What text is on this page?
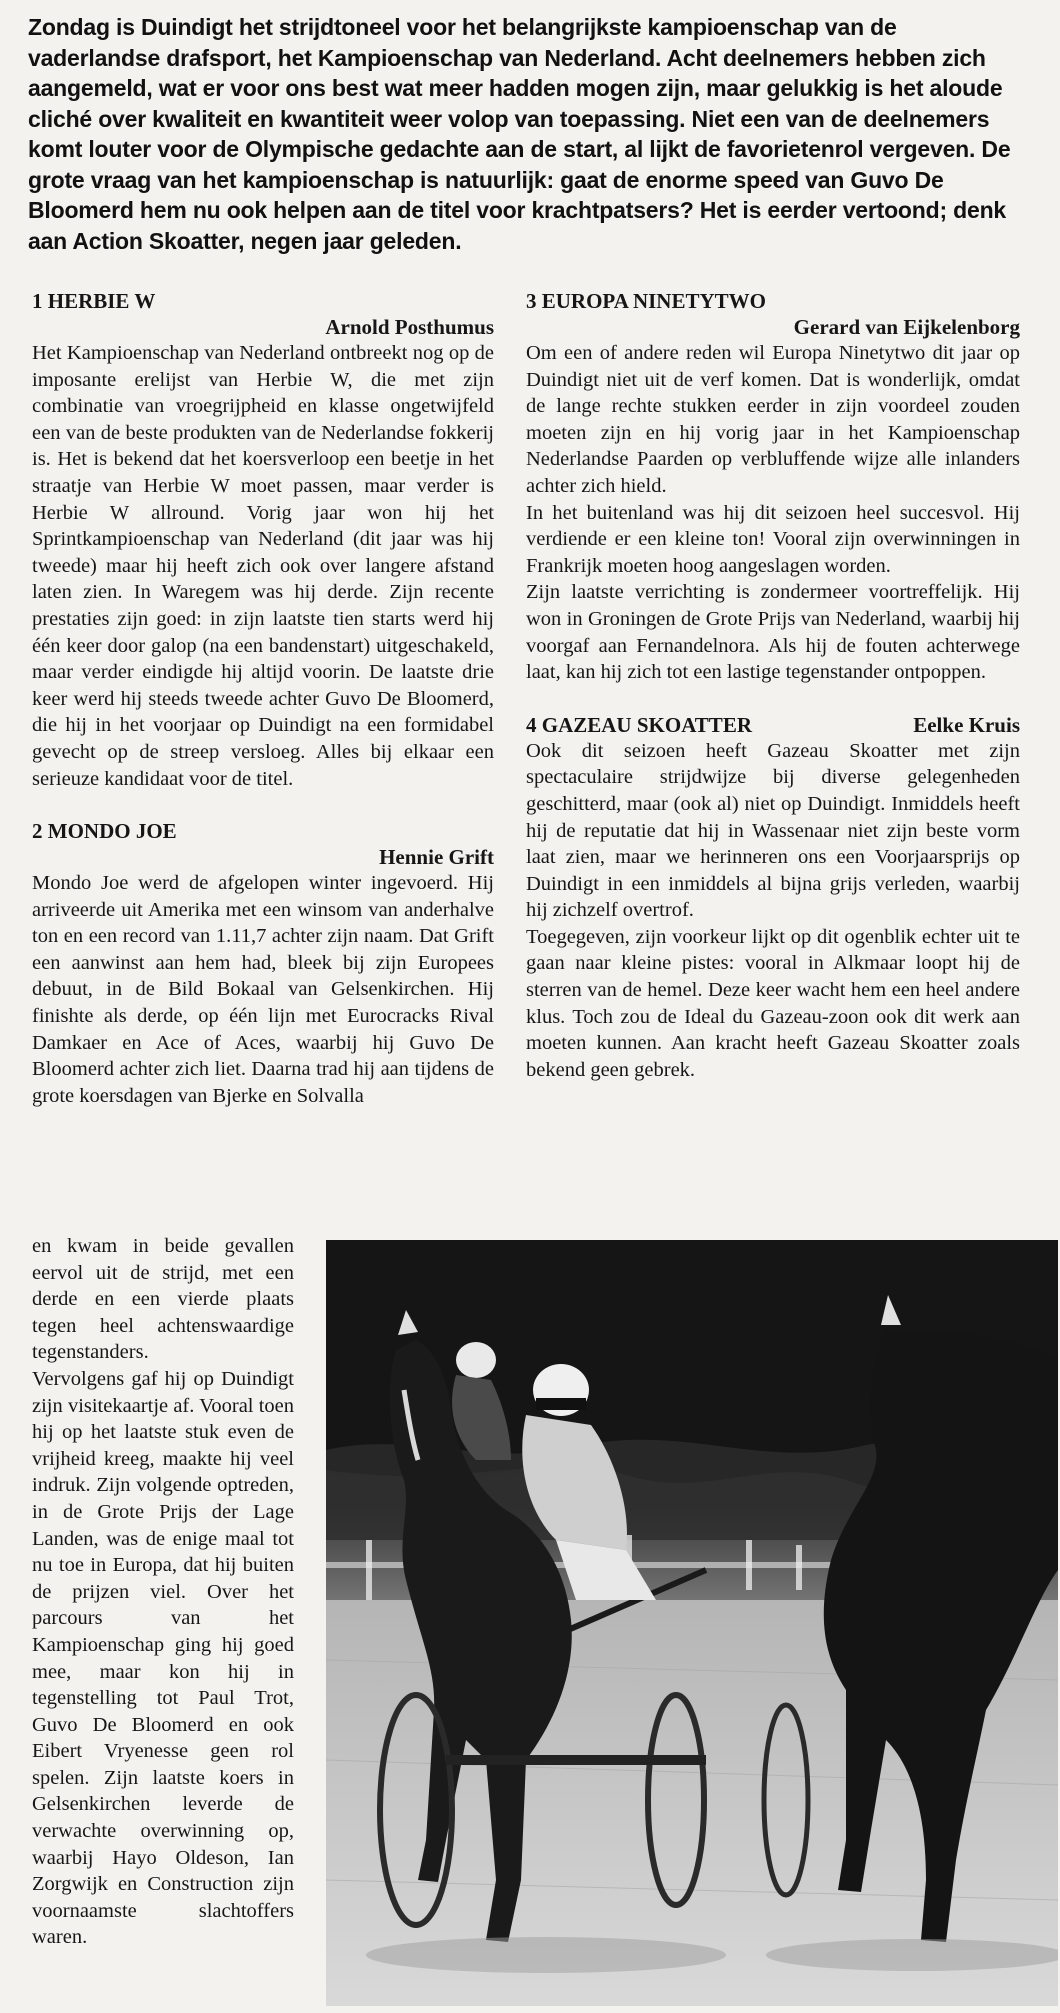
Zondag is Duindigt het strijdtoneel voor het belangrijkste kampioenschap van de vaderlandse drafsport, het Kampioenschap van Nederland. Acht deelnemers hebben zich aangemeld, wat er voor ons best wat meer hadden mogen zijn, maar gelukkig is het aloude cliché over kwaliteit en kwantiteit weer volop van toepassing. Niet een van de deelnemers komt louter voor de Olympische gedachte aan de start, al lijkt de favorietenrol vergeven. De grote vraag van het kampioenschap is natuurlijk: gaat de enorme speed van Guvo De Bloomerd hem nu ook helpen aan de titel voor krachtpatsers? Het is eerder vertoond; denk aan Action Skoatter, negen jaar geleden.

1 HERBIE W

Arnold Posthumus

Het Kampioenschap van Nederland ontbreekt nog op de imposante erelijst van Herbie W, die met zijn combinatie van vroegrijpheid en klasse ongetwijfeld een van de beste produkten van de Nederlandse fokkerij is. Het is bekend dat het koersverloop een beetje in het straatje van Herbie W moet passen, maar verder is Herbie W allround. Vorig jaar won hij het Sprintkampioenschap van Nederland (dit jaar was hij tweede) maar hij heeft zich ook over langere afstand laten zien. In Waregem was hij derde. Zijn recente prestaties zijn goed: in zijn laatste tien starts werd hij één keer door galop (na een bandenstart) uitgeschakeld, maar verder eindigde hij altijd voorin. De laatste drie keer werd hij steeds tweede achter Guvo De Bloomerd, die hij in het voorjaar op Duindigt na een formidabel gevecht op de streep versloeg. Alles bij elkaar een serieuze kandidaat voor de titel.

2 MONDO JOE

Hennie Grift

Mondo Joe werd de afgelopen winter ingevoerd. Hij arriveerde uit Amerika met een winsom van anderhalve ton en een record van 1.11,7 achter zijn naam. Dat Grift een aanwinst aan hem had, bleek bij zijn Europees debuut, in de Bild Bokaal van Gelsenkirchen. Hij finishte als derde, op één lijn met Eurocracks Rival Damkaer en Ace of Aces, waarbij hij Guvo De Bloomerd achter zich liet. Daarna trad hij aan tijdens de grote koersdagen van Bjerke en Solvalla

en kwam in beide gevallen eervol uit de strijd, met een derde en een vierde plaats tegen heel achtenswaardige tegenstanders.

Vervolgens gaf hij op Duindigt zijn visitekaartje af. Vooral toen hij op het laatste stuk even de vrijheid kreeg, maakte hij veel indruk. Zijn volgende optreden, in de Grote Prijs der Lage Landen, was de enige maal tot nu toe in Europa, dat hij buiten de prijzen viel. Over het parcours van het Kampioenschap ging hij goed mee, maar kon hij in tegenstelling tot Paul Trot, Guvo De Bloomerd en ook Eibert Vryenesse geen rol spelen. Zijn laatste koers in Gelsenkirchen leverde de verwachte overwinning op, waarbij Hayo Oldeson, Ian Zorgwijk en Construction zijn voornaamste slachtoffers waren.

3 EUROPA NINETYTWO

Gerard van Eijkelenborg

Om een of andere reden wil Europa Ninetytwo dit jaar op Duindigt niet uit de verf komen. Dat is wonderlijk, omdat de lange rechte stukken eerder in zijn voordeel zouden moeten zijn en hij vorig jaar in het Kampioenschap Nederlandse Paarden op verbluffende wijze alle inlanders achter zich hield.

In het buitenland was hij dit seizoen heel succesvol. Hij verdiende er een kleine ton! Vooral zijn overwinningen in Frankrijk moeten hoog aangeslagen worden.

Zijn laatste verrichting is zondermeer voortreffelijk. Hij won in Groningen de Grote Prijs van Nederland, waarbij hij voorgaf aan Fernandelnora. Als hij de fouten achterwege laat, kan hij zich tot een lastige tegenstander ontpoppen.

4 GAZEAU SKOATTER	Eelke Kruis

Ook dit seizoen heeft Gazeau Skoatter met zijn spectaculaire strijdwijze bij diverse gelegenheden geschitterd, maar (ook al) niet op Duindigt. Inmiddels heeft hij de reputatie dat hij in Wassenaar niet zijn beste vorm laat zien, maar we herinneren ons een Voorjaarsprijs op Duindigt in een inmiddels al bijna grijs verleden, waarbij hij zichzelf overtrof.

Toegegeven, zijn voorkeur lijkt op dit ogenblik echter uit te gaan naar kleine pistes: vooral in Alkmaar loopt hij de sterren van de hemel. Deze keer wacht hem een heel andere klus. Toch zou de Ideal du Gazeau-zoon ook dit werk aan moeten kunnen. Aan kracht heeft Gazeau Skoatter zoals bekend geen gebrek.
